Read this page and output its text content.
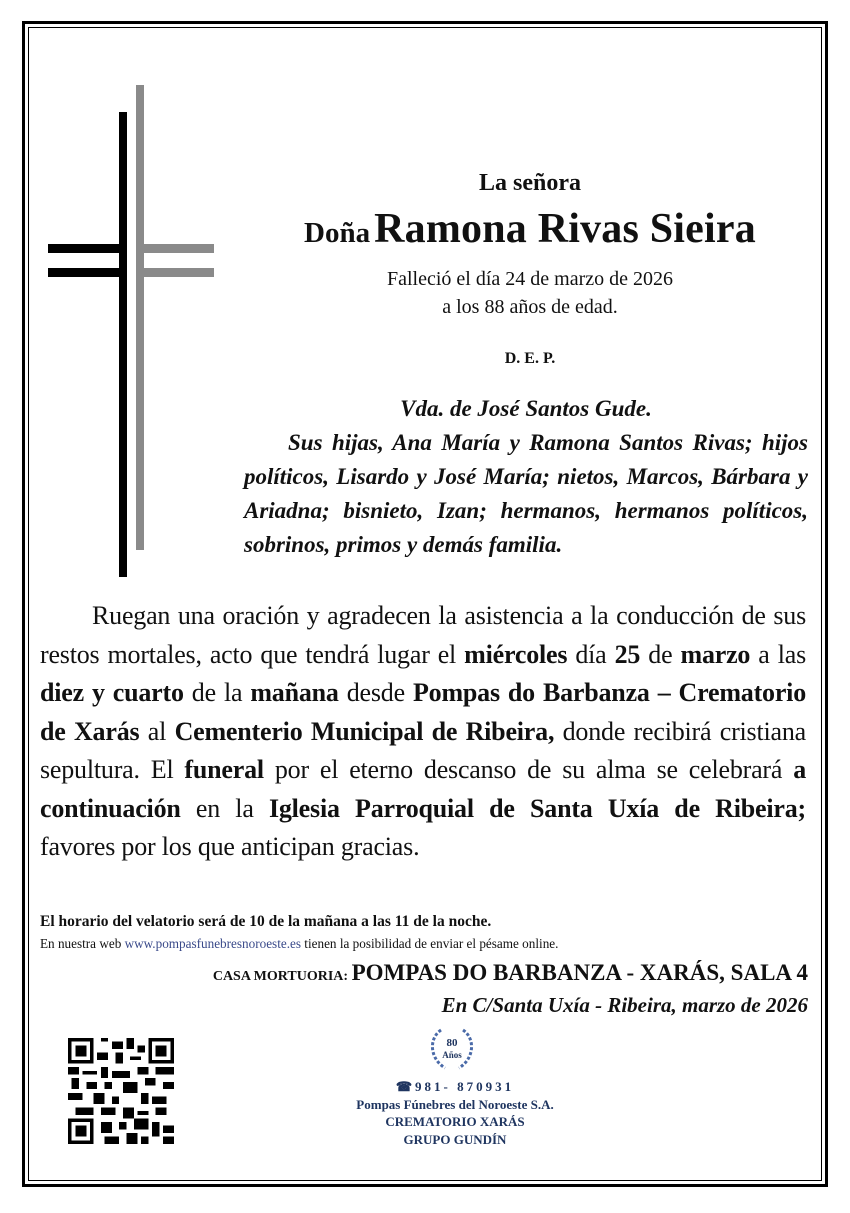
La señora
Doña Ramona Rivas Sieira
Falleció el día 24 de marzo de 2026
a los 88 años de edad.
D. E. P.
Vda. de José Santos Gude.
Sus hijas, Ana María y Ramona Santos Rivas; hijos políticos, Lisardo y José María; nietos, Marcos, Bárbara y Ariadna; bisnieto, Izan; hermanos, hermanos políticos, sobrinos, primos y demás familia.
Ruegan una oración y agradecen la asistencia a la conducción de sus restos mortales, acto que tendrá lugar el miércoles día 25 de marzo a las diez y cuarto de la mañana desde Pompas do Barbanza – Crematorio de Xarás al Cementerio Municipal de Ribeira, donde recibirá cristiana sepultura. El funeral por el eterno descanso de su alma se celebrará a continuación en la Iglesia Parroquial de Santa Uxía de Ribeira; favores por los que anticipan gracias.
El horario del velatorio será de 10 de la mañana a las 11 de la noche.
En nuestra web www.pompasfunebresnoroeste.es tienen la posibilidad de enviar el pésame online.
CASA MORTUORIA: POMPAS DO BARBANZA - XARÁS, SALA 4
En C/Santa Uxía - Ribeira, marzo de 2026
80
Años
☎981- 870931
Pompas Fúnebres del Noroeste S.A.
CREMATORIO XARÁS
GRUPO GUNDÍN
